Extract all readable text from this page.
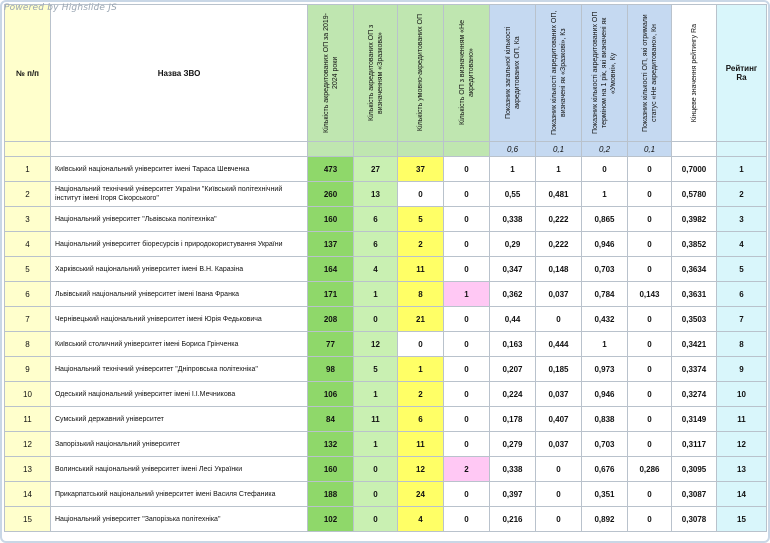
№ п/п	Назва ЗВО	Кількість акредитованих ОП за 2019-2024 роки	Кількість акредитованих ОП з визначенням «Зразкова»	Кількість умовно-акредитованих ОП	Кількість ОП з визначенням «Не акредитовано»	Показник загальної кількості акредитованих ОП, Ка	Показник кількості акредитованих ОП, визначені як «Зразкові», Кз	Показник кількості акредитованих ОП терміном на 1 рік, які визначені як «Умовні», Ку	Показник кількості ОП, які отримали статус «Не акредитовано», Кн	Кінцеве значення рейтингу Ra	Рейтинг Ra

						0,6	0,1	0,2	0,1		
1	Київський національний університет імені Тараса Шевченка	473	27	37	0	1	1	0	0	0,7000	1
2	Національний технічний університет України "Київський політехнічний інститут імені Ігоря Сікорського"	260	13	0	0	0,55	0,481	1	0	0,5780	2
3	Національний університет "Львівська політехніка"	160	6	5	0	0,338	0,222	0,865	0	0,3982	3
4	Національний університет біоресурсів і природокористування України	137	6	2	0	0,29	0,222	0,946	0	0,3852	4
5	Харківський національний університет імені В.Н. Каразіна	164	4	11	0	0,347	0,148	0,703	0	0,3634	5
6	Львівський національний університет імені Івана Франка	171	1	8	1	0,362	0,037	0,784	0,143	0,3631	6
7	Чернівецький національний університет імені Юрія Федьковича	208	0	21	0	0,44	0	0,432	0	0,3503	7
8	Київський столичний університет імені Бориса Грінченка	77	12	0	0	0,163	0,444	1	0	0,3421	8
9	Національний технічний університет "Дніпровська політехніка"	98	5	1	0	0,207	0,185	0,973	0	0,3374	9
10	Одеський національний університет імені І.І.Мечникова	106	1	2	0	0,224	0,037	0,946	0	0,3274	10
11	Сумський державний університет	84	11	6	0	0,178	0,407	0,838	0	0,3149	11
12	Запорізький національний університет	132	1	11	0	0,279	0,037	0,703	0	0,3117	12
13	Волинський національний університет імені Лесі Українки	160	0	12	2	0,338	0	0,676	0,286	0,3095	13
14	Прикарпатський національний університет імені Василя Стефаника	188	0	24	0	0,397	0	0,351	0	0,3087	14
15	Національний університет "Запорізька політехніка"	102	0	4	0	0,216	0	0,892	0	0,3078	15
Powered by Highslide JS
